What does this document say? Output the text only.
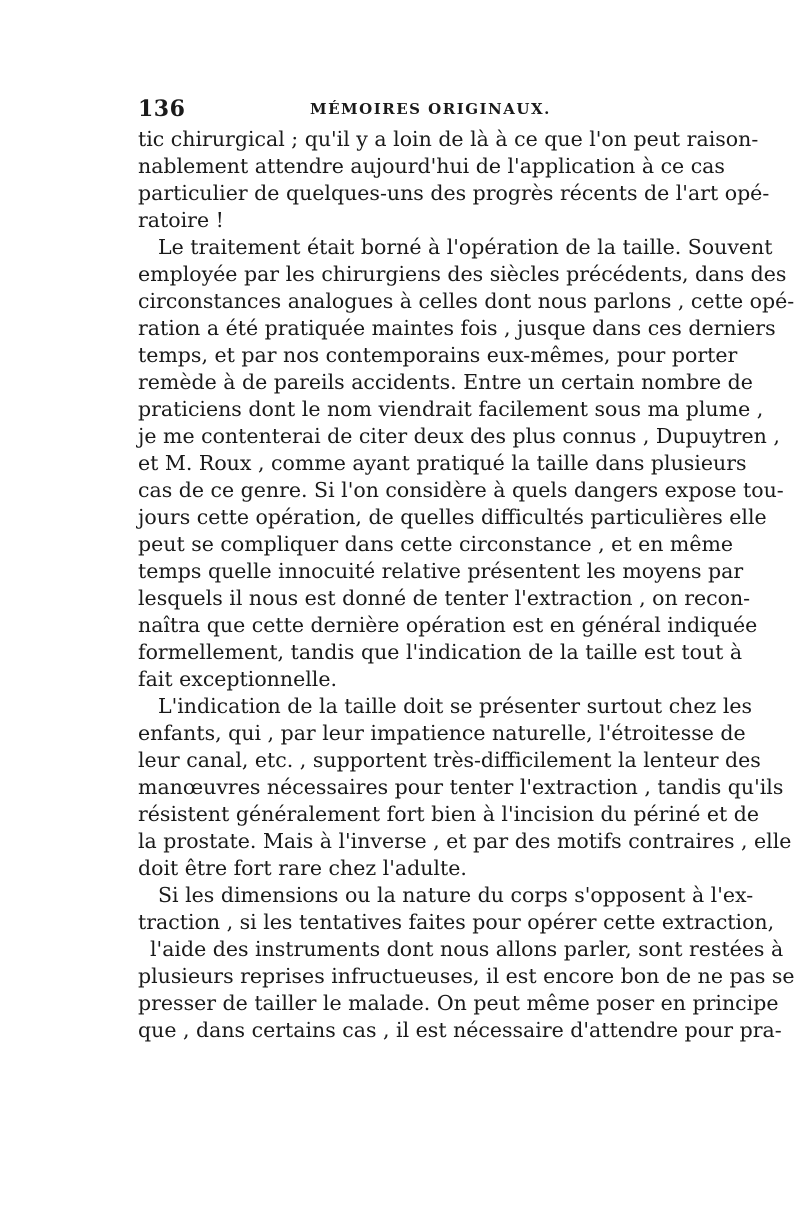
136	MÉMOIRES ORIGINAUX.
tic chirurgical ; qu'il y a loin de là à ce que l'on peut raison-
nablement attendre aujourd'hui de l'application à ce cas
particulier de quelques-uns des progrès récents de l'art opé-
ratoire !
Le traitement était borné à l'opération de la taille. Souvent
employée par les chirurgiens des siècles précédents, dans des
circonstances analogues à celles dont nous parlons , cette opé-
ration a été pratiquée maintes fois , jusque dans ces derniers
temps, et par nos contemporains eux-mêmes, pour porter
remède à de pareils accidents. Entre un certain nombre de
praticiens dont le nom viendrait facilement sous ma plume ,
je me contenterai de citer deux des plus connus , Dupuytren ,
et M. Roux , comme ayant pratiqué la taille dans plusieurs
cas de ce genre. Si l'on considère à quels dangers expose tou-
jours cette opération, de quelles difficultés particulières elle
peut se compliquer dans cette circonstance , et en même
temps quelle innocuité relative présentent les moyens par
lesquels il nous est donné de tenter l'extraction , on recon-
naîtra que cette dernière opération est en général indiquée
formellement, tandis que l'indication de la taille est tout à
fait exceptionnelle.
L'indication de la taille doit se présenter surtout chez les
enfants, qui , par leur impatience naturelle, l'étroitesse de
leur canal, etc. , supportent très-difficilement la lenteur des
manœuvres nécessaires pour tenter l'extraction , tandis qu'ils
résistent généralement fort bien à l'incision du périné et de
la prostate. Mais à l'inverse , et par des motifs contraires , elle
doit être fort rare chez l'adulte.
Si les dimensions ou la nature du corps s'opposent à l'ex-
traction , si les tentatives faites pour opérer cette extraction,
l'aide des instruments dont nous allons parler, sont restées à
plusieurs reprises infructueuses, il est encore bon de ne pas se
presser de tailler le malade. On peut même poser en principe
que , dans certains cas , il est nécessaire d'attendre pour pra-
